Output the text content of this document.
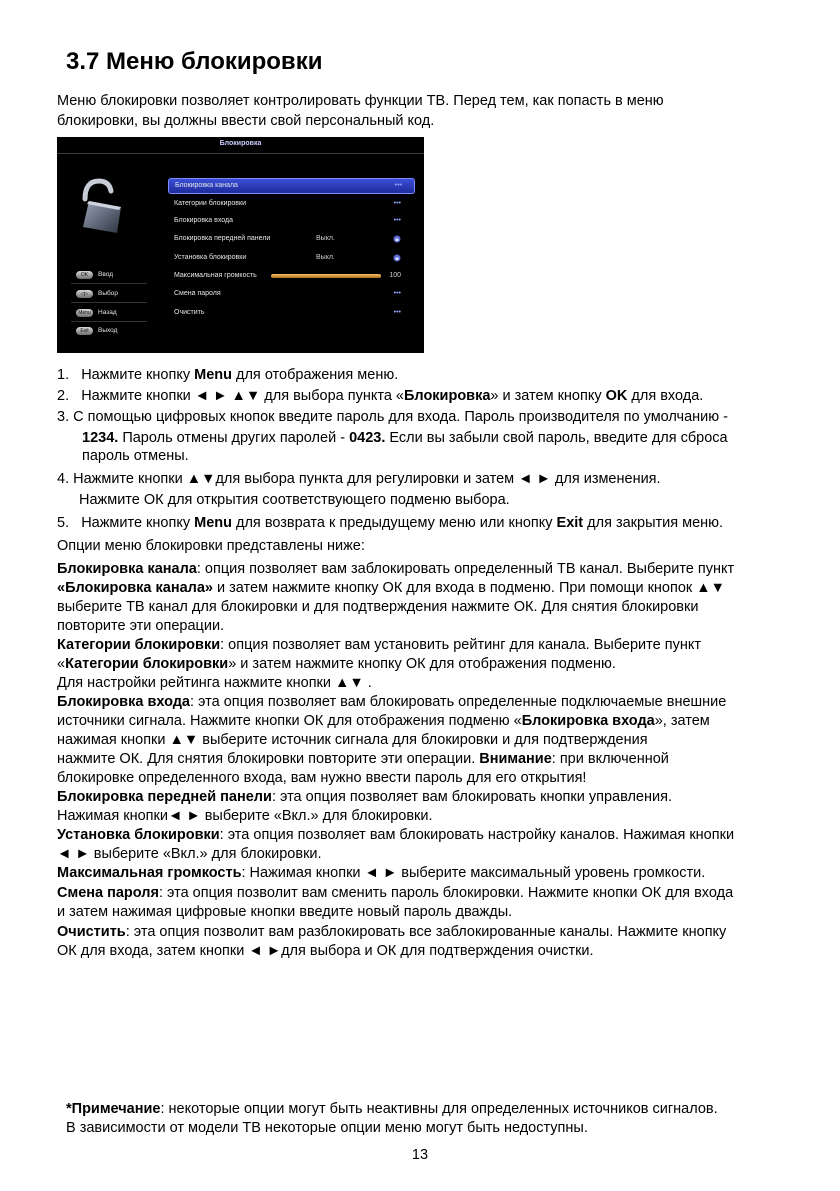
3.7 Меню блокировки
Меню блокировки позволяет контролировать функции ТВ. Перед тем, как попасть в меню
блокировки, вы должны ввести свой персональный код.
Блокировка
Блокировка канала	•••
Категории блокировки	•••
Блокировка входа	•••
Блокировка передней панели	Выкл.
Установка блокировки	Выкл.
Максимальная громкость	100
Смена пароля	•••
Очистить	•••
OK	Ввод
◁▷	Выбор
Menu	Назад
Exit	Выход
1. Нажмите кнопку Menu для отображения меню.
2. Нажмите кнопки ◄ ► ▲▼ для выбора пункта «Блокировка» и затем кнопку OK для входа.
3. С помощью цифровых кнопок введите пароль для входа. Пароль производителя по умолчанию -
1234. Пароль отмены других паролей - 0423. Если вы забыли свой пароль, введите для сброса
пароль отмены.
4. Нажмите кнопки ▲▼для выбора пункта для регулировки и затем ◄ ► для изменения.
Нажмите ОК для открытия соответствующего подменю выбора.
5. Нажмите кнопку Menu для возврата к предыдущему меню или кнопку Exit для закрытия меню.
Опции меню блокировки представлены ниже:
Блокировка канала: опция позволяет вам заблокировать определенный ТВ канал. Выберите пункт
«Блокировка канала» и затем нажмите кнопку ОК для входа в подменю. При помощи кнопок ▲▼
выберите ТВ канал для блокировки и для подтверждения нажмите ОК. Для снятия блокировки
повторите эти операции.
Категории блокировки: опция позволяет вам установить рейтинг для канала. Выберите пункт
«Категории блокировки» и затем нажмите кнопку ОК для отображения подменю.
Для настройки рейтинга нажмите кнопки ▲▼ .
Блокировка входа: эта опция позволяет вам блокировать определенные подключаемые внешние
источники сигнала. Нажмите кнопки ОК для отображения подменю «Блокировка входа», затем
нажимая кнопки ▲▼ выберите источник сигнала для блокировки и для подтверждения
нажмите ОК. Для снятия блокировки повторите эти операции. Внимание: при включенной
блокировке определенного входа, вам нужно ввести пароль для его открытия!
Блокировка передней панели: эта опция позволяет вам блокировать кнопки управления.
Нажимая кнопки◄ ► выберите «Вкл.» для блокировки.
Установка блокировки: эта опция позволяет вам блокировать настройку каналов. Нажимая кнопки
◄ ► выберите «Вкл.» для блокировки.
Максимальная громкость: Нажимая кнопки ◄ ► выберите максимальный уровень громкости.
Смена пароля: эта опция позволит вам сменить пароль блокировки. Нажмите кнопки ОК для входа
и затем нажимая цифровые кнопки введите новый пароль дважды.
Очистить: эта опция позволит вам разблокировать все заблокированные каналы. Нажмите кнопку
ОК для входа, затем кнопки ◄ ►для выбора и ОК для подтверждения очистки.
*Примечание: некоторые опции могут быть неактивны для определенных источников сигналов.
В зависимости от модели ТВ некоторые опции меню могут быть недоступны.
13
